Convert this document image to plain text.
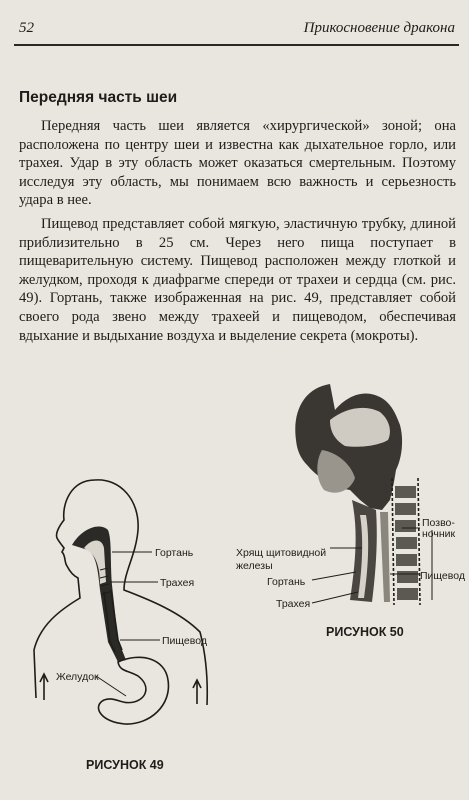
52	Прикосновение дракона
Передняя часть шеи

Передняя часть шеи является «хирургической» зоной; она расположена по центру шеи и известна как дыхательное горло, или трахея. Удар в эту область может оказаться смертельным. Поэтому исследуя эту область, мы понимаем всю важность и серьезность удара в нее.

Пищевод представляет собой мягкую, эластичную трубку, длиной приблизительно в 25 см. Через него пища поступает в пищеварительную систему. Пищевод расположен между глоткой и желудком, проходя к диафрагме спереди от трахеи и сердца (см. рис. 49). Гортань, также изображенная на рис. 49, представляет собой своего рода звено между трахеей и пищеводом, обеспечивая вдыхание и выдыхание воздуха и выделение секрета (мокроты).

Гортань
Трахея
Пищевод
Желудок
РИСУНОК 49
Хрящ щитовидной
железы
Гортань
Трахея
Позво-
ночник
Пищевод
РИСУНОК 50
